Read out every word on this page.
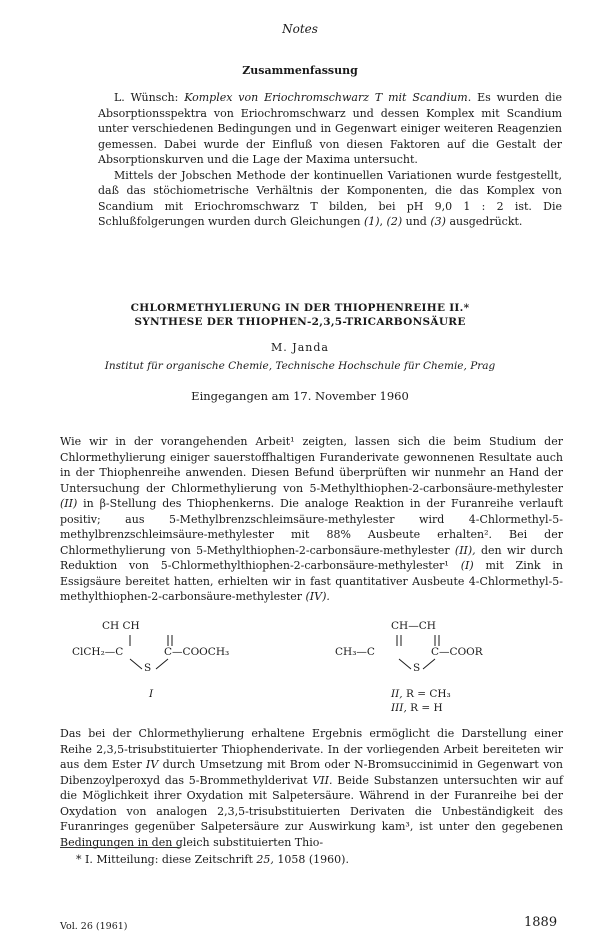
Notes
Zusammenfassung

L. Wünsch: Komplex von Eriochromschwarz T mit Scandium. Es wurden die Absorptionsspektra von Eriochromschwarz und dessen Komplex mit Scandium unter verschiedenen Bedingungen und in Gegenwart einiger weiteren Reagenzien gemessen. Dabei wurde der Einfluß von diesen Faktoren auf die Gestalt der Absorptionskurven und die Lage der Maxima untersucht.

Mittels der Jobschen Methode der kontinuellen Variationen wurde festgestellt, daß das stöchiometrische Verhältnis der Komponenten, die das Komplex von Scandium mit Eriochromschwarz T bilden, bei pH 9,0 1 : 2 ist. Die Schlußfolgerungen wurden durch Gleichungen (1), (2) und (3) ausgedrückt.

CHLORMETHYLIERUNG IN DER THIOPHENREIHE II.*
SYNTHESE DER THIOPHEN-2,3,5-TRICARBONSÄURE
M. Janda
Institut für organische Chemie, Technische Hochschule für Chemie, Prag
Eingegangen am 17. November 1960

Wie wir in der vorangehenden Arbeit¹ zeigten, lassen sich die beim Studium der Chlormethylierung einiger sauerstoffhaltigen Furanderivate gewonnenen Resultate auch in der Thiophenreihe anwenden. Diesen Befund überprüften wir nunmehr an Hand der Untersuchung der Chlormethylierung von 5-Methylthiophen-2-carbonsäure-methylester (II) in β-Stellung des Thiophenkerns. Die analoge Reaktion in der Furanreihe verlauft positiv; aus 5-Methylbrenzschleimsäure-methylester wird 4-Chlormethyl-5-methylbrenzschleimsäure-methylester mit 88% Ausbeute erhalten². Bei der Chlormethylierung von 5-Methylthiophen-2-carbonsäure-methylester (II), den wir durch Reduktion von 5-Chlormethylthiophen-2-carbonsäure-methylester¹ (I) mit Zink in Essigsäure bereitet hatten, erhielten wir in fast quantitativer Ausbeute 4-Chlormethyl-5-methylthiophen-2-carbonsäure-methylester (IV).

CH CH
ClCH₂—C	C—COOCH₃
S
I
CH—CH
CH₃—C	C—COOR
S
II, R = CH₃
III, R = H

Das bei der Chlormethylierung erhaltene Ergebnis ermöglicht die Darstellung einer Reihe 2,3,5-trisubstituierter Thiophenderivate. In der vorliegenden Arbeit bereiteten wir aus dem Ester IV durch Umsetzung mit Brom oder N-Bromsuccinimid in Gegenwart von Dibenzoylperoxyd das 5-Brommethylderivat VII. Beide Substanzen untersuchten wir auf die Möglichkeit ihrer Oxydation mit Salpetersäure. Während in der Furanreihe bei der Oxydation von analogen 2,3,5-trisubstituierten Derivaten die Unbeständigkeit des Furanringes gegenüber Salpetersäure zur Auswirkung kam³, ist unter den gegebenen Bedingungen in den gleich substituierten Thio-

* I. Mitteilung: diese Zeitschrift 25, 1058 (1960).
Vol. 26 (1961)	1889
